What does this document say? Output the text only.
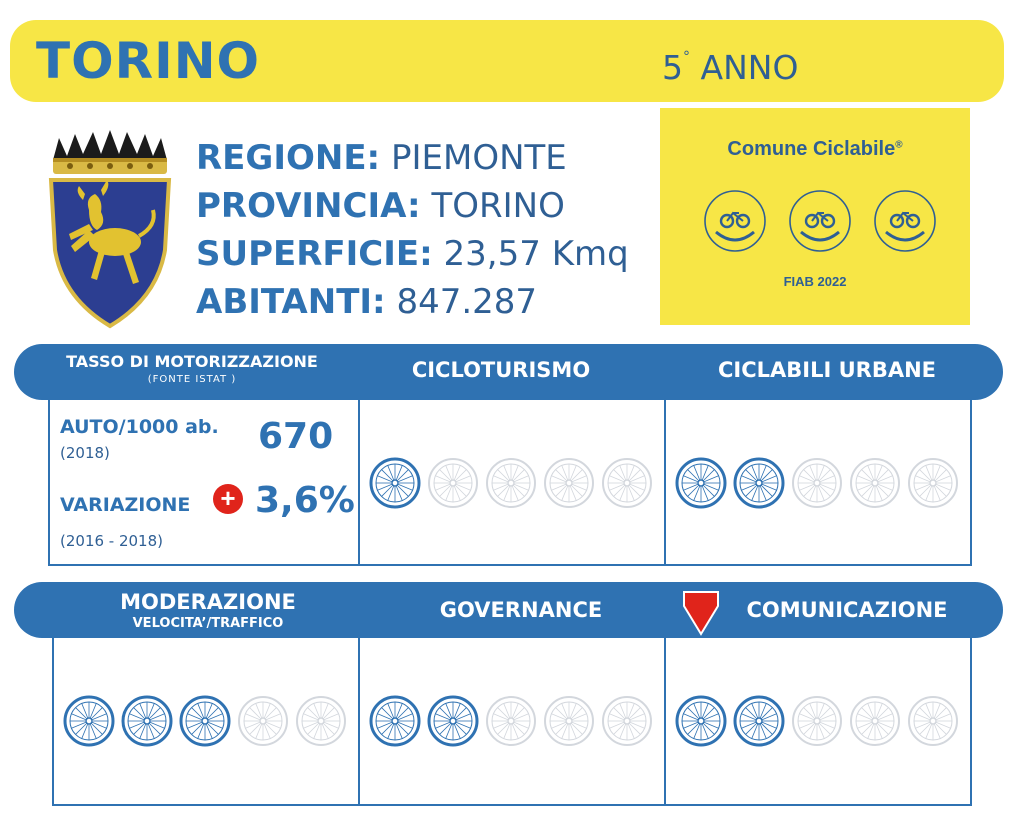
TORINO	5° ANNO
REGIONE: PIEMONTE
PROVINCIA: TORINO
SUPERFICIE: 23,57 Kmq
ABITANTI: 847.287
Comune Ciclabile®
FIAB 2022
TASSO DI MOTORIZZAZIONE
(FONTE ISTAT )	CICLOTURISMO	CICLABILI URBANE
AUTO/1000 ab.
(2018)	670
VARIAZIONE + 3,6%
(2016 - 2018)
MODERAZIONE
VELOCITA’/TRAFFICO
GOVERNANCE	COMUNICAZIONE
